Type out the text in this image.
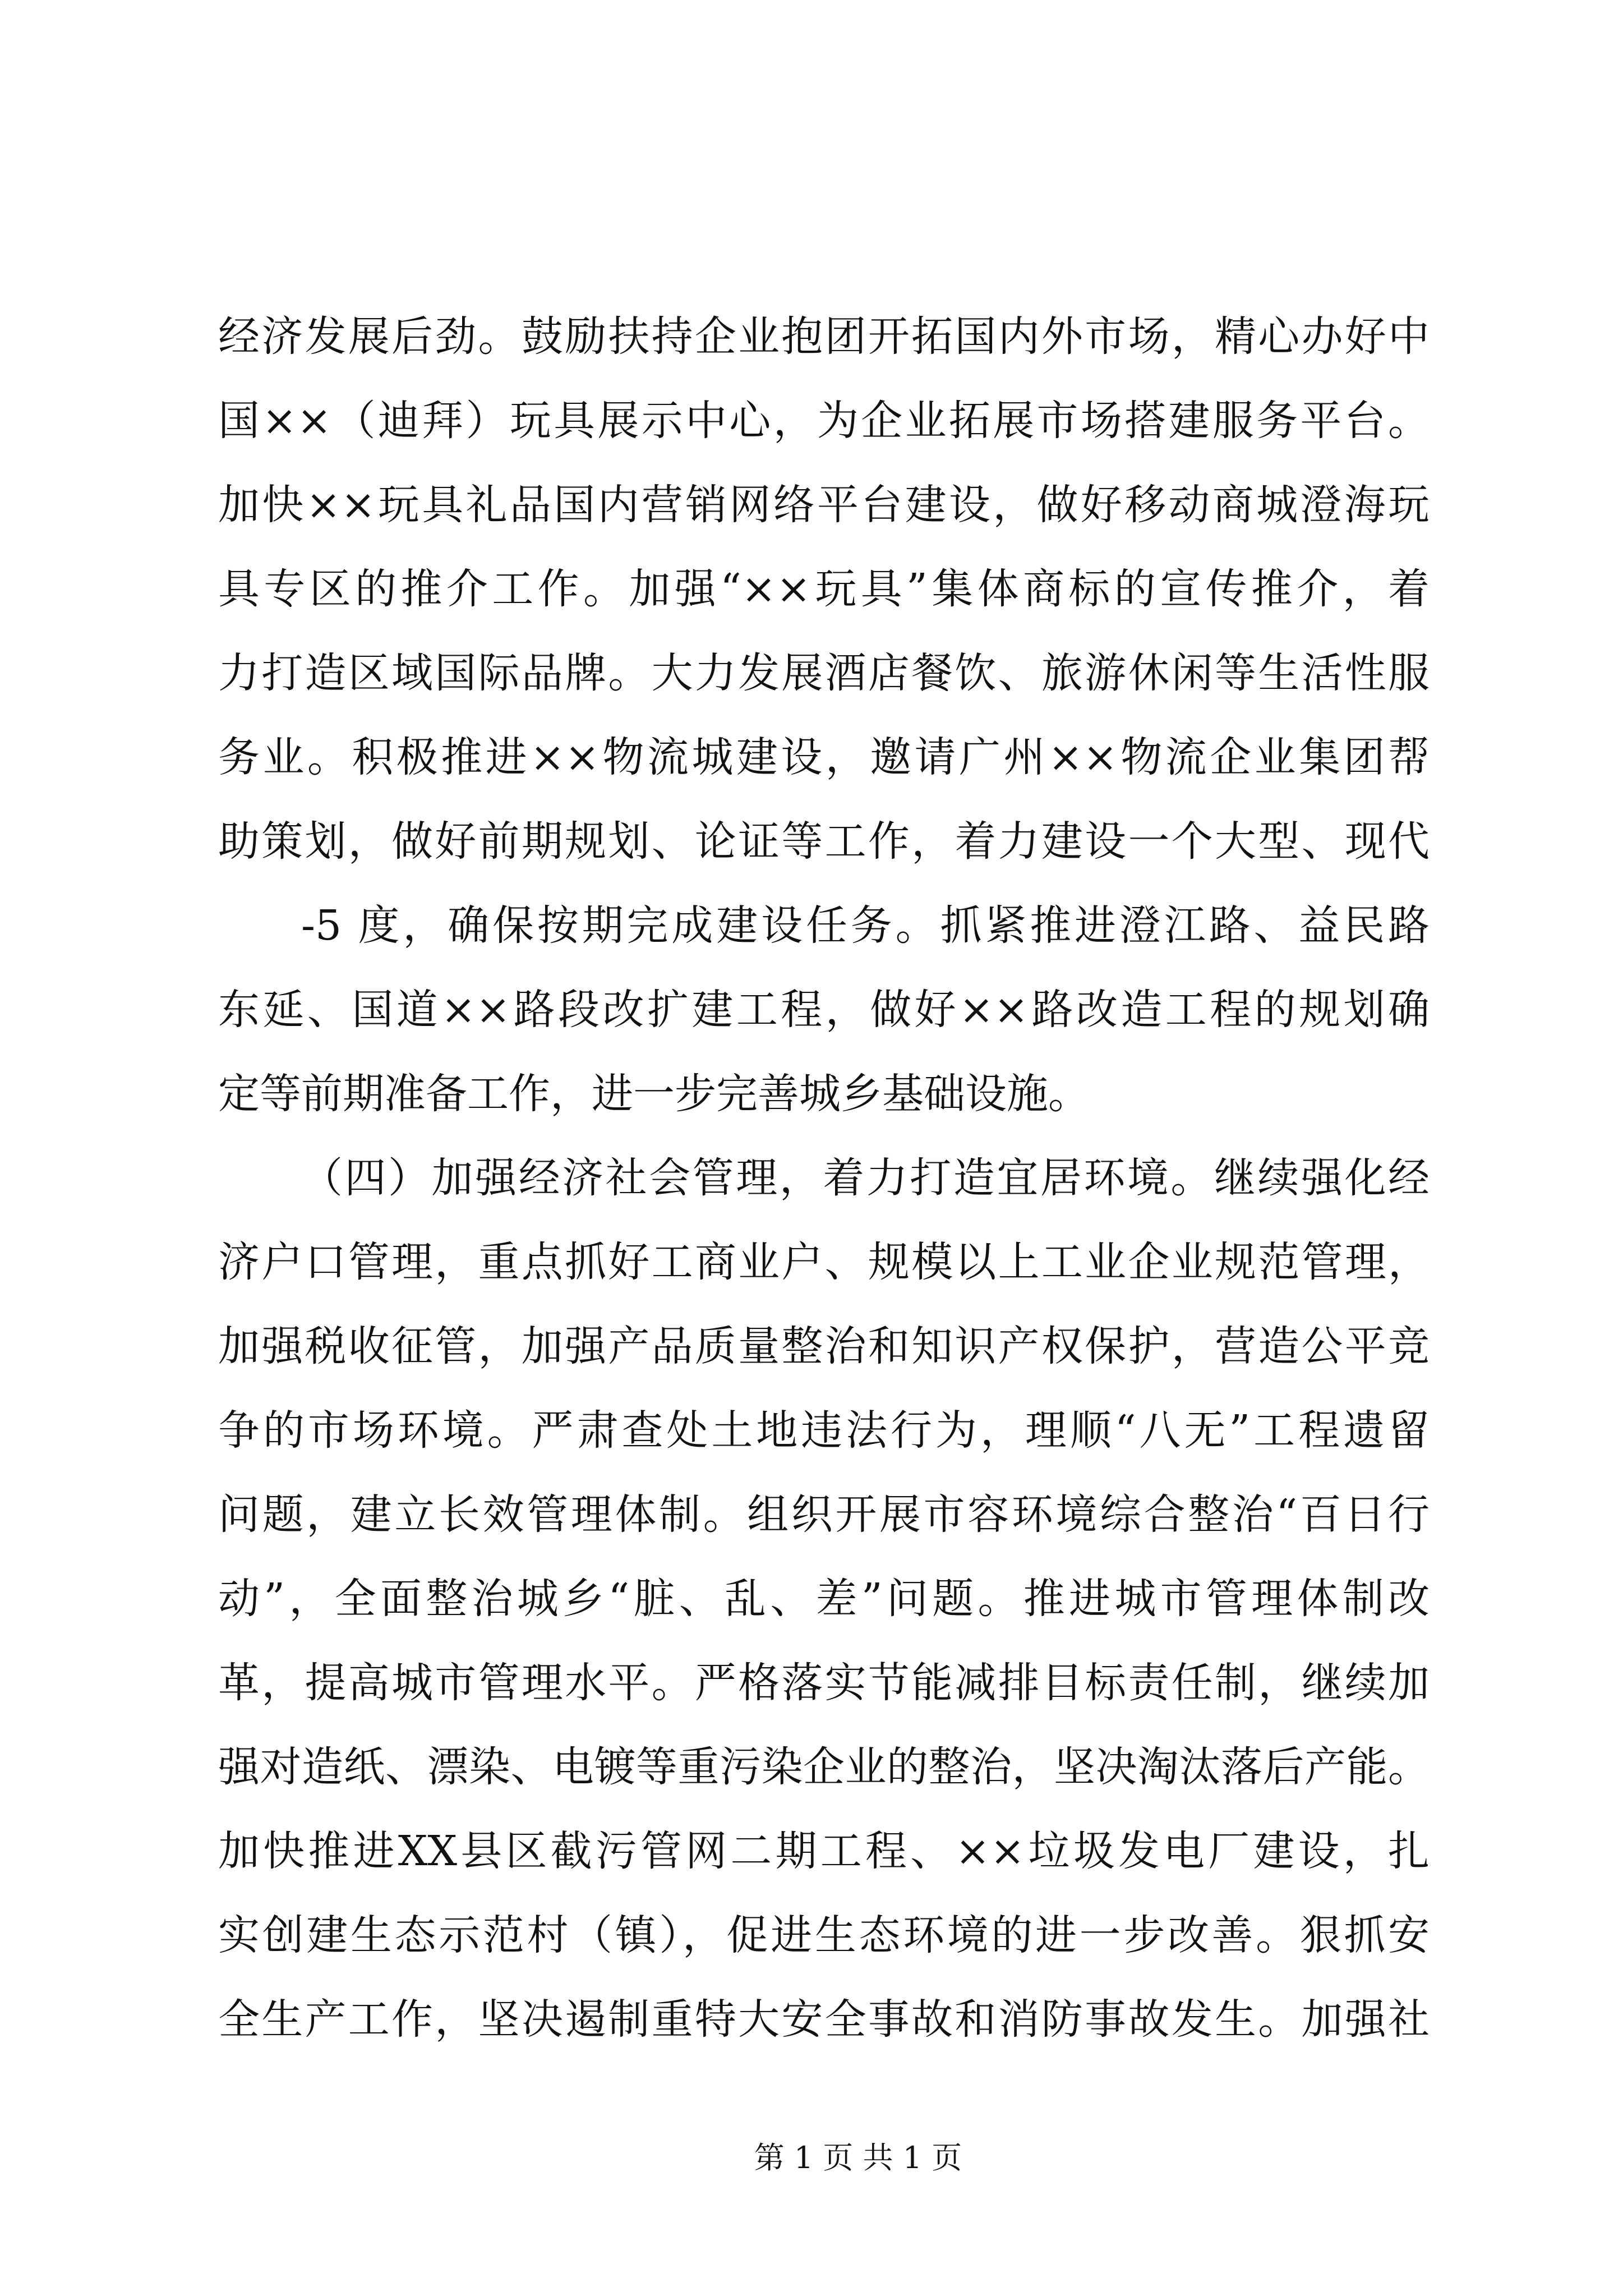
经济发展后劲。鼓励扶持企业抱团开拓国内外市场，精心办好中
国××（迪拜）玩具展示中心，为企业拓展市场搭建服务平台。
加快××玩具礼品国内营销网络平台建设，做好移动商城澄海玩
具专区的推介工作。加强“××玩具”集体商标的宣传推介，着
力打造区域国际品牌。大力发展酒店餐饮、旅游休闲等生活性服
务业。积极推进××物流城建设，邀请广州××物流企业集团帮
助策划，做好前期规划、论证等工作，着力建设一个大型、现代
-5 度，确保按期完成建设任务。抓紧推进澄江路、益民路
东延、国道××路段改扩建工程，做好××路改造工程的规划确
定等前期准备工作，进一步完善城乡基础设施。
（四）加强经济社会管理，着力打造宜居环境。继续强化经
济户口管理，重点抓好工商业户、规模以上工业企业规范管理，
加强税收征管，加强产品质量整治和知识产权保护，营造公平竞
争的市场环境。严肃查处土地违法行为，理顺“八无”工程遗留
问题，建立长效管理体制。组织开展市容环境综合整治“百日行
动”，全面整治城乡“脏、乱、差”问题。推进城市管理体制改
革，提高城市管理水平。严格落实节能减排目标责任制，继续加
强对造纸、漂染、电镀等重污染企业的整治，坚决淘汰落后产能。
加快推进XX县区截污管网二期工程、××垃圾发电厂建设，扎
实创建生态示范村（镇），促进生态环境的进一步改善。狠抓安
全生产工作，坚决遏制重特大安全事故和消防事故发生。加强社
第 1 页 共 1 页
